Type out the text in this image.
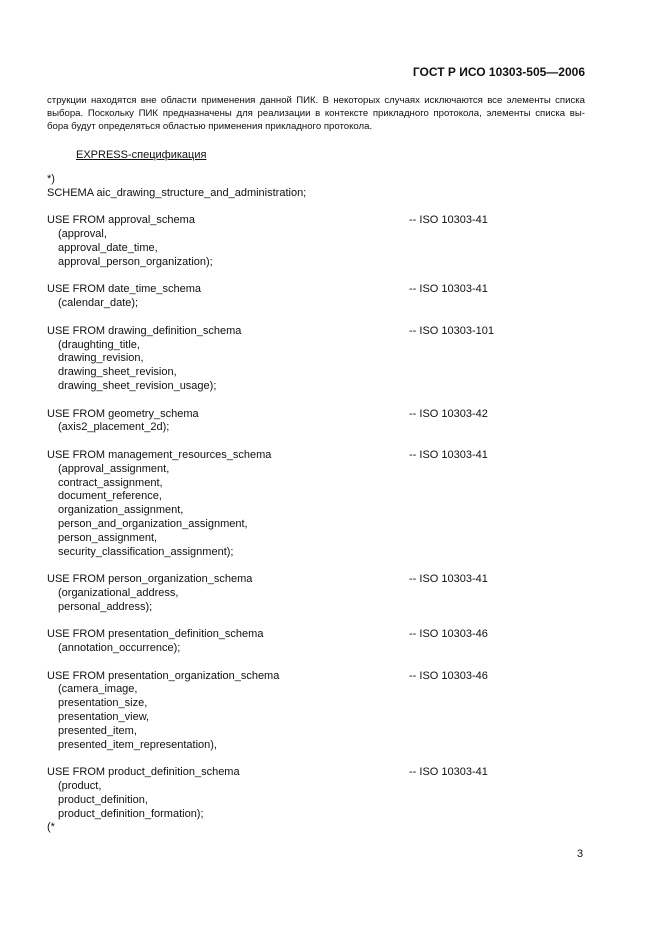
ГОСТ Р ИСО 10303-505—2006
струкции находятся вне области применения данной ПИК. В некоторых случаях исключаются все элементы списка
выбора. Поскольку ПИК предназначены для реализации в контексте прикладного протокола, элементы списка вы-
бора будут определяться областью применения прикладного протокола.
EXPRESS-спецификация
*)
SCHEMA aic_drawing_structure_and_administration;
USE FROM approval_schema	-- ISO 10303-41
(approval,
approval_date_time,
approval_person_organization);
USE FROM date_time_schema	-- ISO 10303-41
(calendar_date);
USE FROM drawing_definition_schema	-- ISO 10303-101
(draughting_title,
drawing_revision,
drawing_sheet_revision,
drawing_sheet_revision_usage);
USE FROM geometry_schema	-- ISO 10303-42
(axis2_placement_2d);
USE FROM management_resources_schema	-- ISO 10303-41
(approval_assignment,
contract_assignment,
document_reference,
organization_assignment,
person_and_organization_assignment,
person_assignment,
security_classification_assignment);
USE FROM person_organization_schema	-- ISO 10303-41
(organizational_address,
personal_address);
USE FROM presentation_definition_schema	-- ISO 10303-46
(annotation_occurrence);
USE FROM presentation_organization_schema	-- ISO 10303-46
(camera_image,
presentation_size,
presentation_view,
presented_item,
presented_item_representation),
USE FROM product_definition_schema	-- ISO 10303-41
(product,
product_definition,
product_definition_formation);
(*
3
